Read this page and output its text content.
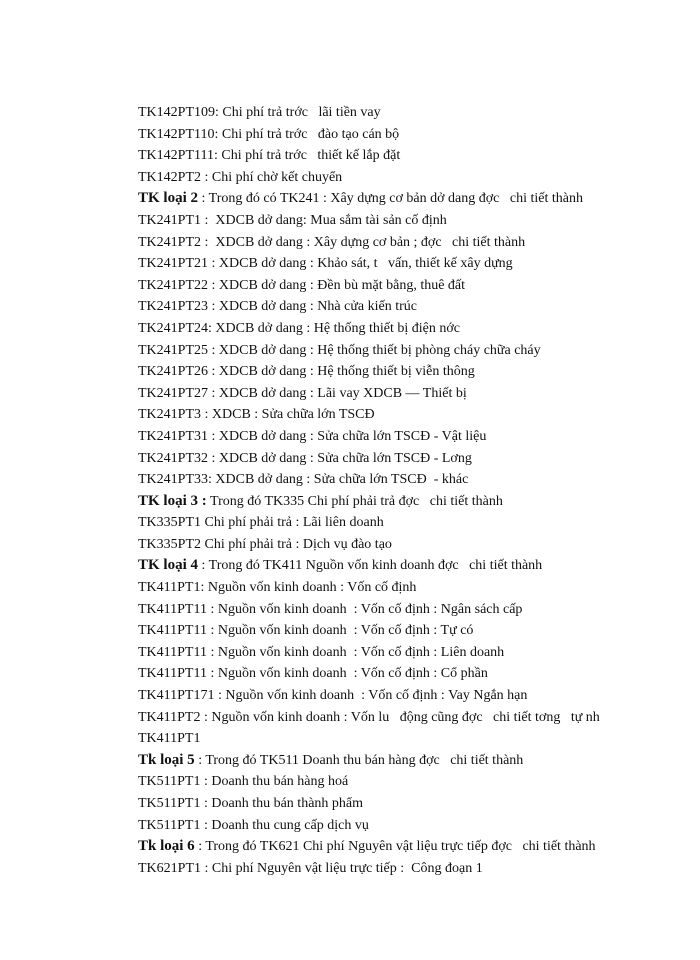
TK142PT109: Chi phí trả trớc   lãi tiền vay
TK142PT110: Chi phí trả trớc   đào tạo cán bộ
TK142PT111: Chi phí trả trớc   thiết kế lắp đặt
TK142PT2 : Chi phí chờ kết chuyển
TK loại 2 : Trong đó có TK241 : Xây dựng cơ bản dở dang đợc   chi tiết thành
TK241PT1 :  XDCB dở dang: Mua sắm tài sản cố định
TK241PT2 :  XDCB dở dang : Xây dựng cơ bản ; đợc   chi tiết thành
TK241PT21 : XDCB dở dang : Khảo sát, t   vấn, thiết kế xây dựng
TK241PT22 : XDCB dở dang : Đền bù mặt bằng, thuê đất
TK241PT23 : XDCB dở dang : Nhà cửa kiến trúc
TK241PT24: XDCB dở dang : Hệ thống thiết bị điện nớc
TK241PT25 : XDCB dở dang : Hệ thống thiết bị phòng cháy chữa cháy
TK241PT26 : XDCB dở dang : Hệ thống thiết bị viễn thông
TK241PT27 : XDCB dở dang : Lãi vay XDCB — Thiết bị
TK241PT3 : XDCB : Sửa chữa lớn TSCĐ
TK241PT31 : XDCB dở dang : Sửa chữa lớn TSCĐ - Vật liệu
TK241PT32 : XDCB dở dang : Sửa chữa lớn TSCĐ - Lơng
TK241PT33: XDCB dở dang : Sửa chữa lớn TSCĐ  - khác
TK loại 3 : Trong đó TK335 Chi phí phải trả đợc   chi tiết thành
TK335PT1 Chi phí phải trả : Lãi liên doanh
TK335PT2 Chi phí phải trả : Dịch vụ đào tạo
TK loại 4 : Trong đó TK411 Nguồn vốn kinh doanh đợc   chi tiết thành
TK411PT1: Nguồn vốn kinh doanh : Vốn cố định
TK411PT11 : Nguồn vốn kinh doanh  : Vốn cố định : Ngân sách cấp
TK411PT11 : Nguồn vốn kinh doanh  : Vốn cố định : Tự có
TK411PT11 : Nguồn vốn kinh doanh  : Vốn cố định : Liên doanh
TK411PT11 : Nguồn vốn kinh doanh  : Vốn cố định : Cổ phần
TK411PT171 : Nguồn vốn kinh doanh  : Vốn cố định : Vay Ngắn hạn
TK411PT2 : Nguồn vốn kinh doanh : Vốn lu   động cũng đợc   chi tiết tơng   tự nh
TK411PT1
Tk loại 5 : Trong đó TK511 Doanh thu bán hàng đợc   chi tiết thành
TK511PT1 : Doanh thu bán hàng hoá
TK511PT1 : Doanh thu bán thành phẩm
TK511PT1 : Doanh thu cung cấp dịch vụ
Tk loại 6 : Trong đó TK621 Chi phí Nguyên vật liệu trực tiếp đợc   chi tiết thành
TK621PT1 : Chi phí Nguyên vật liệu trực tiếp :  Công đoạn 1
